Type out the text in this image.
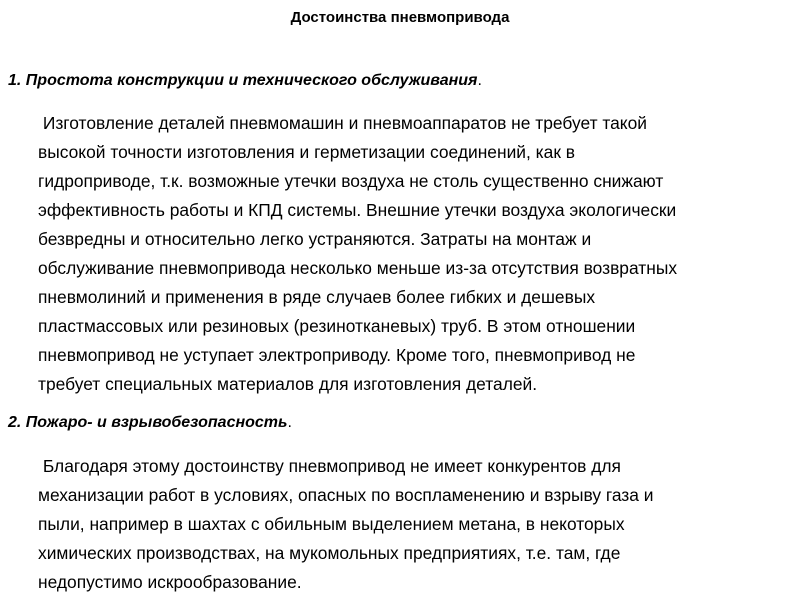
Достоинства пневмопривода
1. Простота конструкции и технического обслуживания.
Изготовление деталей пневмомашин и пневмоаппаратов не требует такой
высокой точности изготовления и герметизации соединений, как в
гидроприводе, т.к. возможные утечки воздуха не столь существенно снижают
эффективность работы и КПД системы. Внешние утечки воздуха экологически
безвредны и относительно легко устраняются. Затраты на монтаж и
обслуживание пневмопривода несколько меньше из-за отсутствия возвратных
пневмолиний и применения в ряде случаев более гибких и дешевых
пластмассовых или резиновых (резинотканевых) труб. В этом отношении
пневмопривод не уступает электроприводу. Кроме того, пневмопривод не
требует специальных материалов для изготовления деталей.
2. Пожаро- и взрывобезопасность.
Благодаря этому достоинству пневмопривод не имеет конкурентов для
механизации работ в условиях, опасных по воспламенению и взрыву газа и
пыли, например в шахтах с обильным выделением метана, в некоторых
химических производствах, на мукомольных предприятиях, т.е. там, где
недопустимо искрообразование.
